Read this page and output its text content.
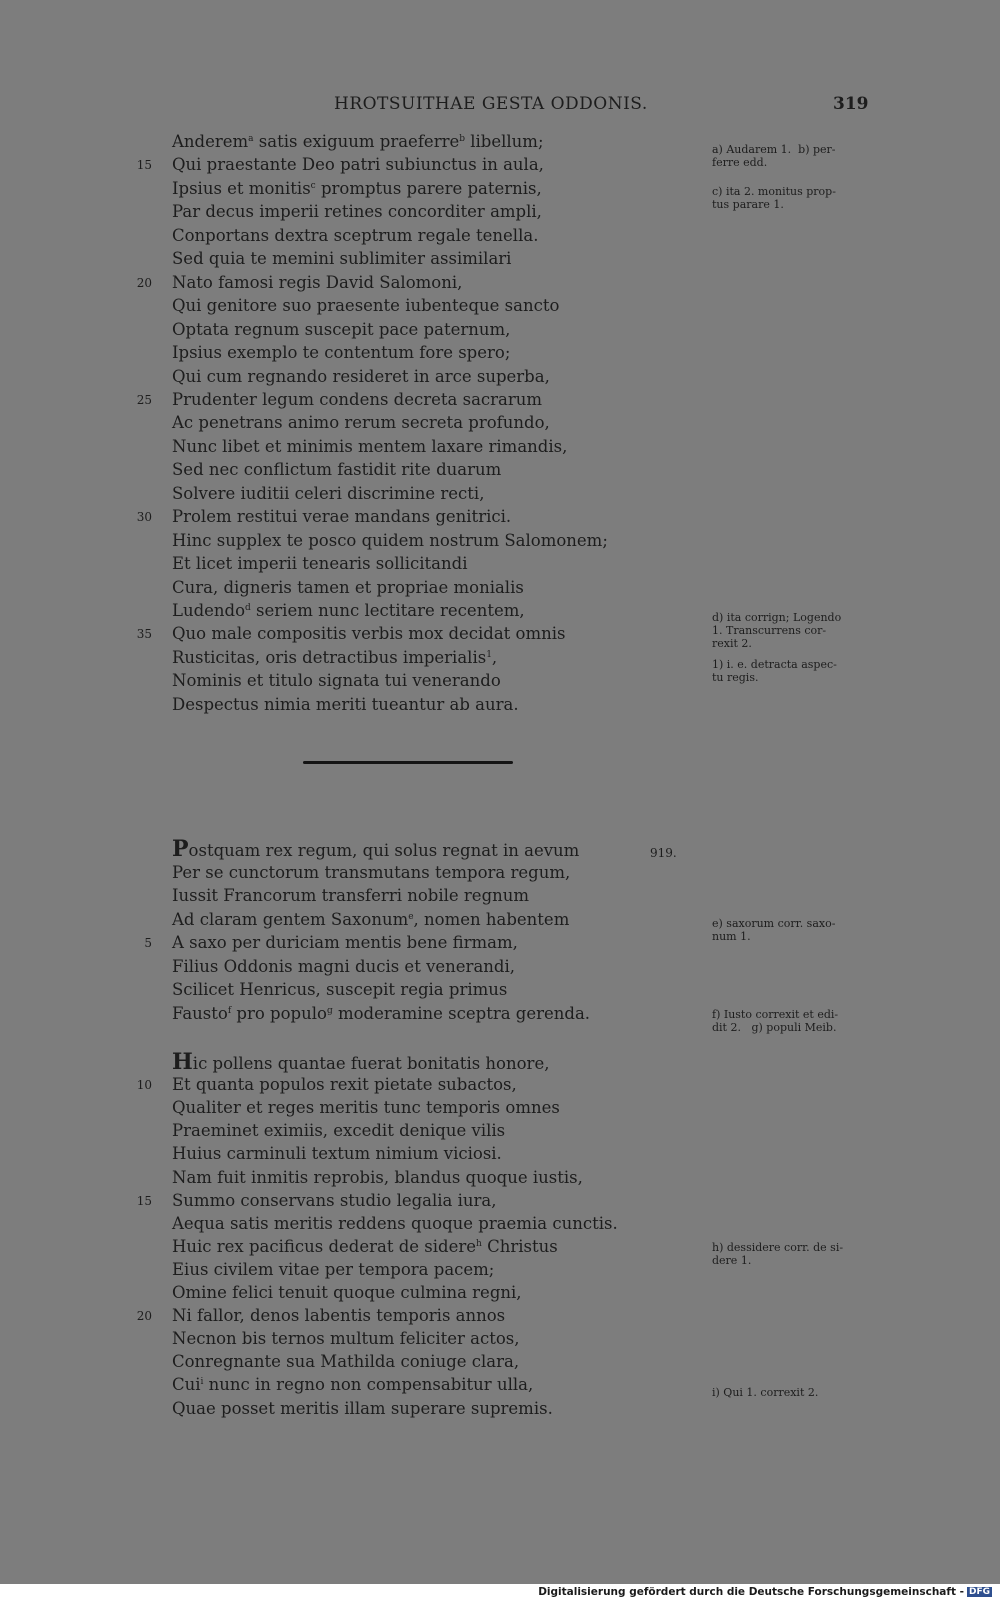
HROTSUITHAE GESTA ODDONIS.	319
Anderem$^a$ satis exiguum praeferre$^b$ libellum;
Qui praestante Deo patri subiunctus in aula,
15
Ipsius et monitis$^c$ promptus parere paternis,
Par decus imperii retines concorditer ampli,
Conportans dextra sceptrum regale tenella.
Sed quia te memini sublimiter assimilari
Nato famosi regis David Salomoni,
20
Qui genitore suo praesente iubenteque sancto
Optata regnum suscepit pace paternum,
Ipsius exemplo te contentum fore spero;
Qui cum regnando resideret in arce superba,
Prudenter legum condens decreta sacrarum
25
Ac penetrans animo rerum secreta profundo,
Nunc libet et minimis mentem laxare rimandis,
Sed nec conflictum fastidit rite duarum
Solvere iuditii celeri discrimine recti,
Prolem restitui verae mandans genitrici.
30
Hinc supplex te posco quidem nostrum Salomonem;
Et licet imperii tenearis sollicitandi
Cura, digneris tamen et propriae monialis
Ludendo$^d$ seriem nunc lectitare recentem,
Quo male compositis verbis mox decidat omnis
35
Rusticitas, oris detractibus imperialis$^1$,
Nominis et titulo signata tui venerando
Despectus nimia meriti tueantur ab aura.
a) Audarem 1.  b) per-
ferre edd.
c) ita 2. monitus prop-
tus parare 1.
d) ita corrign; Logendo
1. Transcurrens cor-
rexit 2.
1) i. e. detracta aspec-
tu regis.
919.
Postquam rex regum, qui solus regnat in aevum
Per se cunctorum transmutans tempora regum,
Iussit Francorum transferri nobile regnum
Ad claram gentem Saxonum$^e$, nomen habentem
A saxo per duriciam mentis bene firmam,
5
Filius Oddonis magni ducis et venerandi,
Scilicet Henricus, suscepit regia primus
Fausto$^f$ pro populo$^g$ moderamine sceptra gerenda.
Hic pollens quantae fuerat bonitatis honore,
Et quanta populos rexit pietate subactos,
10
Qualiter et reges meritis tunc temporis omnes
Praeminet eximiis, excedit denique vilis
Huius carminuli textum nimium viciosi.
Nam fuit inmitis reprobis, blandus quoque iustis,
Summo conservans studio legalia iura,
15
Aequa satis meritis reddens quoque praemia cunctis.
Huic rex pacificus dederat de sidere$^h$ Christus
Eius civilem vitae per tempora pacem;
Omine felici tenuit quoque culmina regni,
Ni fallor, denos labentis temporis annos
20
Necnon bis ternos multum feliciter actos,
Conregnante sua Mathilda coniuge clara,
Cui$^i$ nunc in regno non compensabitur ulla,
Quae posset meritis illam superare supremis.
e) saxorum corr. saxo-
num 1.
f) Iusto correxit et edi-
dit 2.   g) populi Meib.
h) dessidere corr. de si-
dere 1.
i) Qui 1. correxit 2.
Digitalisierung gefördert durch die Deutsche Forschungsgemeinschaft - DFG
